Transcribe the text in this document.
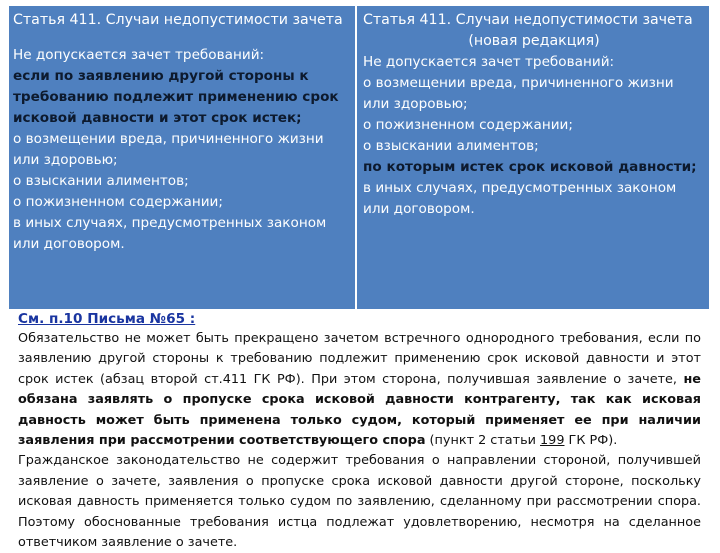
Статья 411. Случаи недопустимости зачета
Не допускается зачет требований:
если по заявлению другой стороны к
требованию подлежит применению срок
исковой давности и этот срок истек;
о возмещении вреда, причиненного жизни
или здоровью;
о взыскании алиментов;
о пожизненном содержании;
в иных случаях, предусмотренных законом
или договором.
Статья 411. Случаи недопустимости зачета
(новая редакция)
Не допускается зачет требований:
о возмещении вреда, причиненного жизни
или здоровью;
о пожизненном содержании;
о взыскании алиментов;
по которым истек срок исковой давности;
в иных случаях, предусмотренных законом
или договором.
См. п.10 Письма №65 :
Обязательство не может быть прекращено зачетом встречного однородного требования, если по заявлению другой стороны к требованию подлежит применению срок исковой давности и этот срок истек (абзац второй ст.411 ГК РФ). При этом сторона, получившая заявление о зачете, не обязана заявлять о пропуске срока исковой давности контрагенту, так как исковая давность может быть применена только судом, который применяет ее при наличии заявления при рассмотрении соответствующего спора (пункт 2 статьи 199 ГК РФ).
Гражданское законодательство не содержит требования о направлении стороной, получившей заявление о зачете, заявления о пропуске срока исковой давности другой стороне, поскольку исковая давность применяется только судом по заявлению, сделанному при рассмотрении спора. Поэтому обоснованные требования истца подлежат удовлетворению, несмотря на сделанное ответчиком заявление о зачете.
